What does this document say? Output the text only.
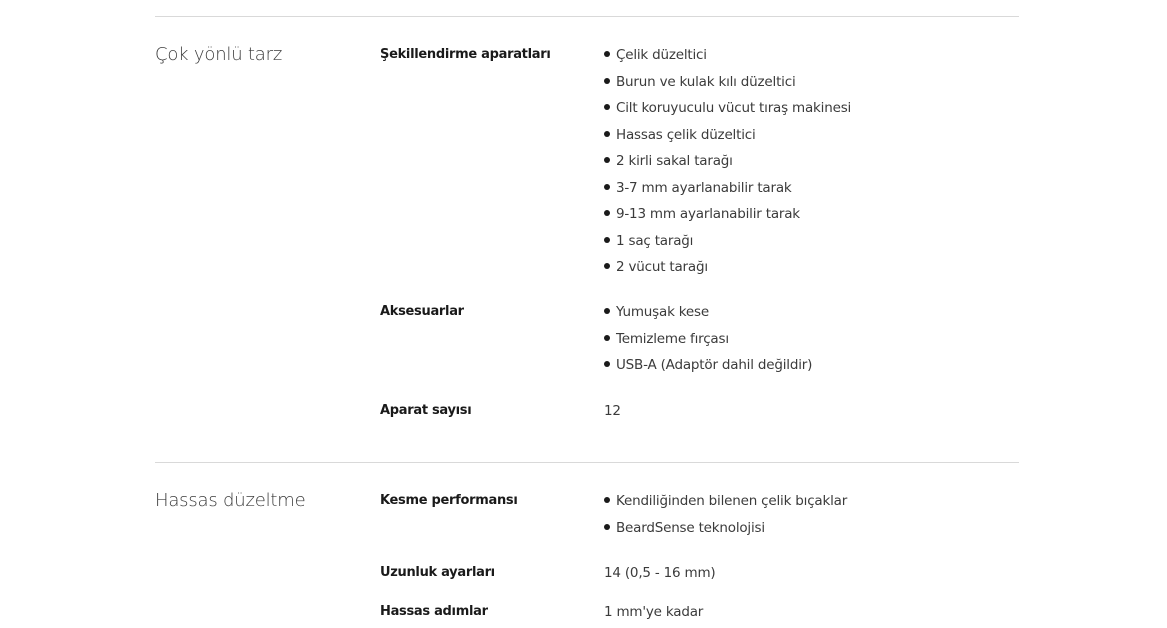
Çok yönlü tarz	Şekillendirme aparatları	Çelik düzeltici
Burun ve kulak kılı düzeltici
Cilt koruyuculu vücut tıraş makinesi
Hassas çelik düzeltici
2 kirli sakal tarağı
3-7 mm ayarlanabilir tarak
9-13 mm ayarlanabilir tarak
1 saç tarağı
2 vücut tarağı
Aksesuarlar	Yumuşak kese
Temizleme fırçası
USB-A (Adaptör dahil değildir)
Aparat sayısı	12
Hassas düzeltme	Kesme performansı	Kendiliğinden bilenen çelik bıçaklar
BeardSense teknolojisi
Uzunluk ayarları	14 (0,5 - 16 mm)
Hassas adımlar	1 mm'ye kadar
